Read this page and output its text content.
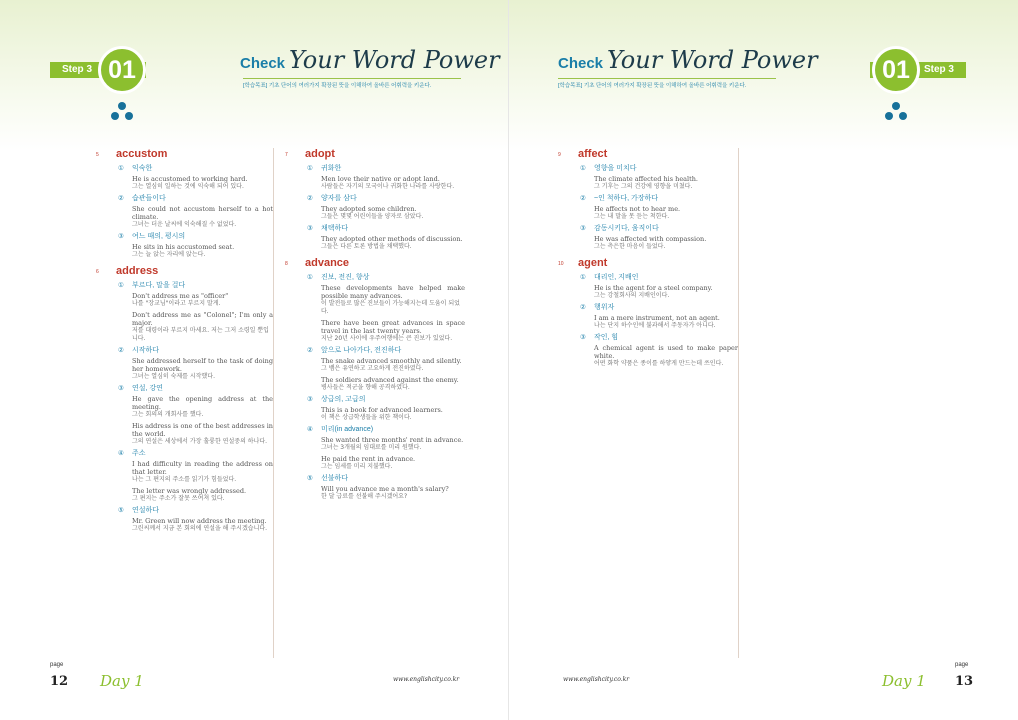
Step 3 01	Check Your Word Power
[학습목표] 기초 단어의 여러가지 확장된 뜻을 이해하여 올바른 어휘력을 키운다.
Check Your Word Power
[학습목표] 기초 단어의 여러가지 확장된 뜻을 이해하여 올바른 어휘력을 키운다.
Step 3
01
5	accustom
① 익숙한
He is accustomed to working hard.
그는 열심히 일하는 것에 익숙해 되어 있다.
② 습관들이다
She could not accustom herself to a hot climate.
그녀는 더운 날씨에 익숙해질 수 없었다.
③ 여느 때의, 평시의
He sits in his accustomed seat.
그는 늘 앉는 자리에 앉는다.
6	address
① 부르다, 말을 걸다
Don't address me as "officer"
나를 "장교님"이라고 부르지 말게.
Don't address me as "Colonel"; I'm only a major.
저를 대령이라 부르지 마세요. 저는 그저 소령일 뿐입니다.
② 시작하다
She addressed herself to the task of doing her homework.
그녀는 열심히 숙제를 시작했다.
③ 연설, 강연
He gave the opening address at the meeting.
그는 회의의 개회사를 했다.
His address is one of the best addresses in the world.
그의 연설은 세상에서 가장 훌륭한 연설중의 하나다.
④ 주소
I had difficulty in reading the address on that letter.
나는 그 편지의 주소를 읽기가 힘들었다.
The letter was wrongly addressed.
그 편지는 주소가 잘못 쓰여져 있다.
⑤ 연설하다
Mr. Green will now address the meeting.
그린씨께서 지금 본 회의에 연설을 해 주시겠습니다.
7	adopt
① 귀화한
Men love their native or adopt land.
사람들은 자기의 모국이나 귀화한 나라를 사랑한다.
② 양자를 삼다
They adopted some children.
그들은 몇몇 어린이들을 양자로 삼았다.
③ 채택하다
They adopted other methods of discussion.
그들은 다른 토론 방법을 채택했다.
8	advance
① 진보, 전진, 향상
These developments have helped make possible many advances.
이 발전들로 많은 진보들이 가능해지는데 도움이 되었다.
There have been great advances in space travel in the last twenty years.
지난 20년 사이에 우주여행에는 큰 진보가 있었다.
② 앞으로 나아가다, 전진하다
The snake advanced smoothly and silently.
그 뱀은 유연하고 고요하게 전진하였다.
The soldiers advanced against the enemy.
병사들은 적군을 향해 공격하였다.
③ 상급의, 고급의
This is a book for advanced learners.
이 책은 상급학생들을 위한 책이다.
④ 미리(in advance)
She wanted three months' rent in advance.
그녀는 3개월의 임대료를 미리 원했다.
He paid the rent in advance.
그는 임세를 미리 지불했다.
⑤ 선불하다
Will you advance me a month's salary?
한 달 급료를 선불해 주시겠어요?
9	affect
① 영향을 미치다
The climate affected his health.
그 기후는 그의 건강에 영향을 미쳤다.
② ~인 척하다, 가장하다
He affects not to hear me.
그는 내 말을 못 듣는 척한다.
③ 감동시키다, 움직이다
He was affected with compassion.
그는 측은한 마음이 들었다.
10	agent
① 대리인, 지배인
He is the agent for a steel company.
그는 강철회사의 지배인이다.
② 행위자
I am a mere instrument, not an agent.
나는 단지 하수인에 불과해서 주동자가 아니다.
③ 작인, 힘
A chemical agent is used to make paper white.
어떤 화학 약품은 종이를 하얗게 만드는데 쓰인다.
page
12 Day 1	www.englishcity.co.kr	www.englishcity.co.kr	Day 1
page
13
